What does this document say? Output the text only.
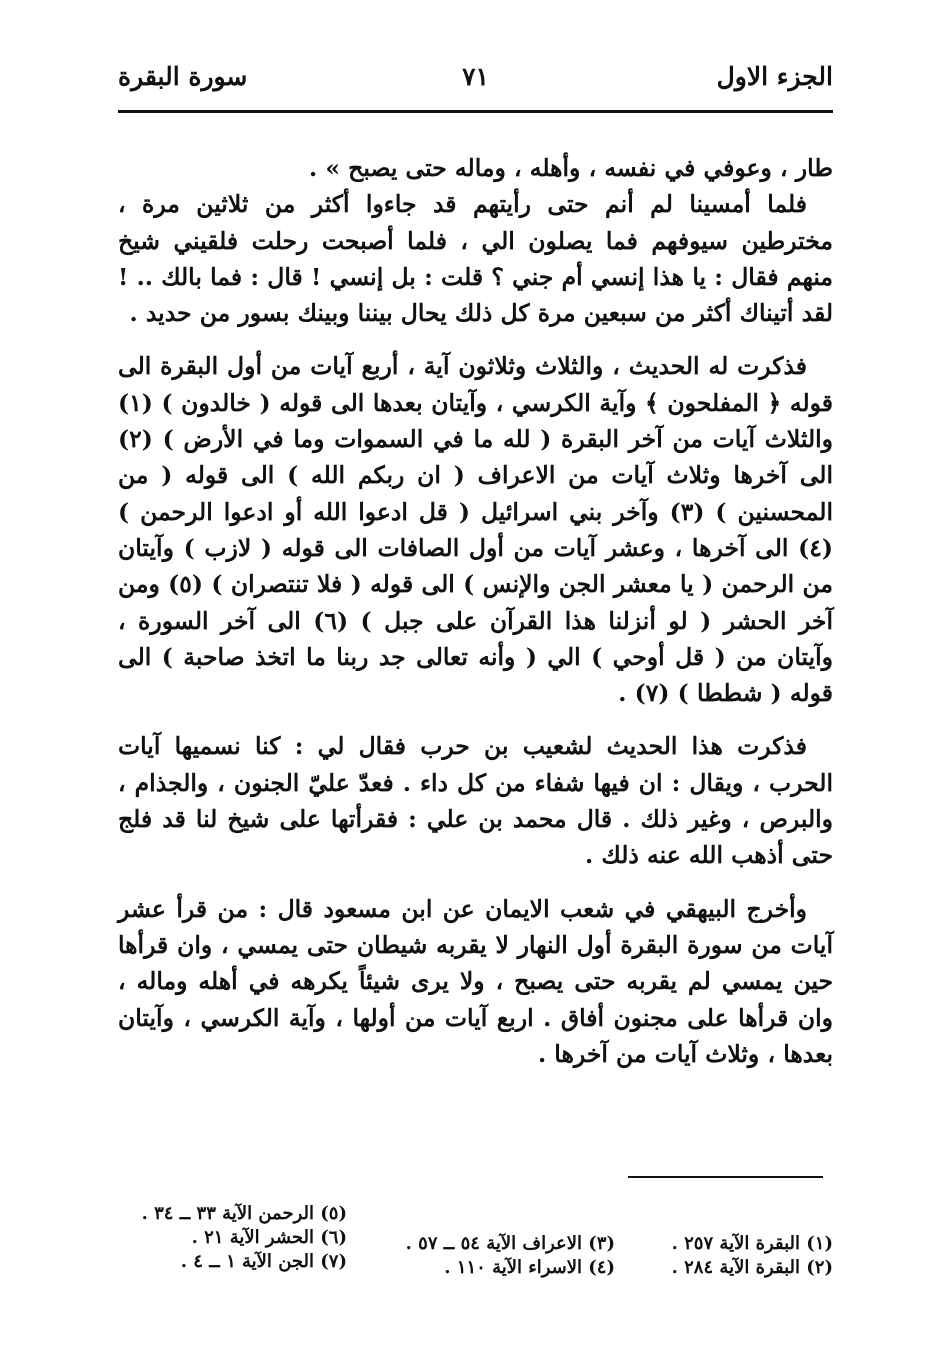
الجزء الاول
٧١
سورة البقرة

طار ، وعوفي في نفسه ، وأهله ، وماله حتى يصبح » .

فلما أمسينا لم أنم حتى رأيتهم قد جاءوا أكثر من ثلاثين مرة ، مخترطين سيوفهم فما يصلون الي ، فلما أصبحت رحلت فلقيني شيخ منهم فقال : يا هذا إنسي أم جني ؟ قلت : بل إنسي ! قال : فما بالك .. ! لقد أتيناك أكثر من سبعين مرة كل ذلك يحال بيننا وبينك بسور من حديد .

فذكرت له الحديث ، والثلاث وثلاثون آية ، أربع آيات من أول البقرة الى قوله ﴿ المفلحون ﴾ وآية الكرسي ، وآيتان بعدها الى قوله ( خالدون ) (١) والثلاث آيات من آخر البقرة ( لله ما في السموات وما في الأرض ) (٢) الى آخرها وثلاث آيات من الاعراف ( ان ربكم الله ) الى قوله ( من المحسنين ) (٣) وآخر بني اسرائيل ( قل ادعوا الله أو ادعوا الرحمن ) (٤) الى آخرها ، وعشر آيات من أول الصافات الى قوله ( لازب ) وآيتان من الرحمن ( يا معشر الجن والإنس ) الى قوله ( فلا تنتصران ) (٥) ومن آخر الحشر ( لو أنزلنا هذا القرآن على جبل ) (٦) الى آخر السورة ، وآيتان من ( قل أوحي ) الي ( وأنه تعالى جد ربنا ما اتخذ صاحبة ) الى قوله ( شططا ) (٧) .

فذكرت هذا الحديث لشعيب بن حرب فقال لي : كنا نسميها آيات الحرب ، ويقال : ان فيها شفاء من كل داء . فعدّ عليّ الجنون ، والجذام ، والبرص ، وغير ذلك . قال محمد بن علي : فقرأتها على شيخ لنا قد فلج حتى أذهب الله عنه ذلك .

وأخرج البيهقي في شعب الايمان عن ابن مسعود قال : من قرأ عشر آيات من سورة البقرة أول النهار لا يقربه شيطان حتى يمسي ، وان قرأها حين يمسي لم يقربه حتى يصبح ، ولا يرى شيئاً يكرهه في أهله وماله ، وان قرأها على مجنون أفاق . اربع آيات من أولها ، وآية الكرسي ، وآيتان بعدها ، وثلاث آيات من آخرها .

(١) البقرة الآية ٢٥٧ .
(٢) البقرة الآية ٢٨٤ .
(٣) الاعراف الآية ٥٤ ــ ٥٧ .
(٤) الاسراء الآية ١١٠ .
(٥) الرحمن الآية ٣٣ ــ ٣٤ .
(٦) الحشر الآية ٢١ .
(٧) الجن الآية ١ ــ ٤ .
